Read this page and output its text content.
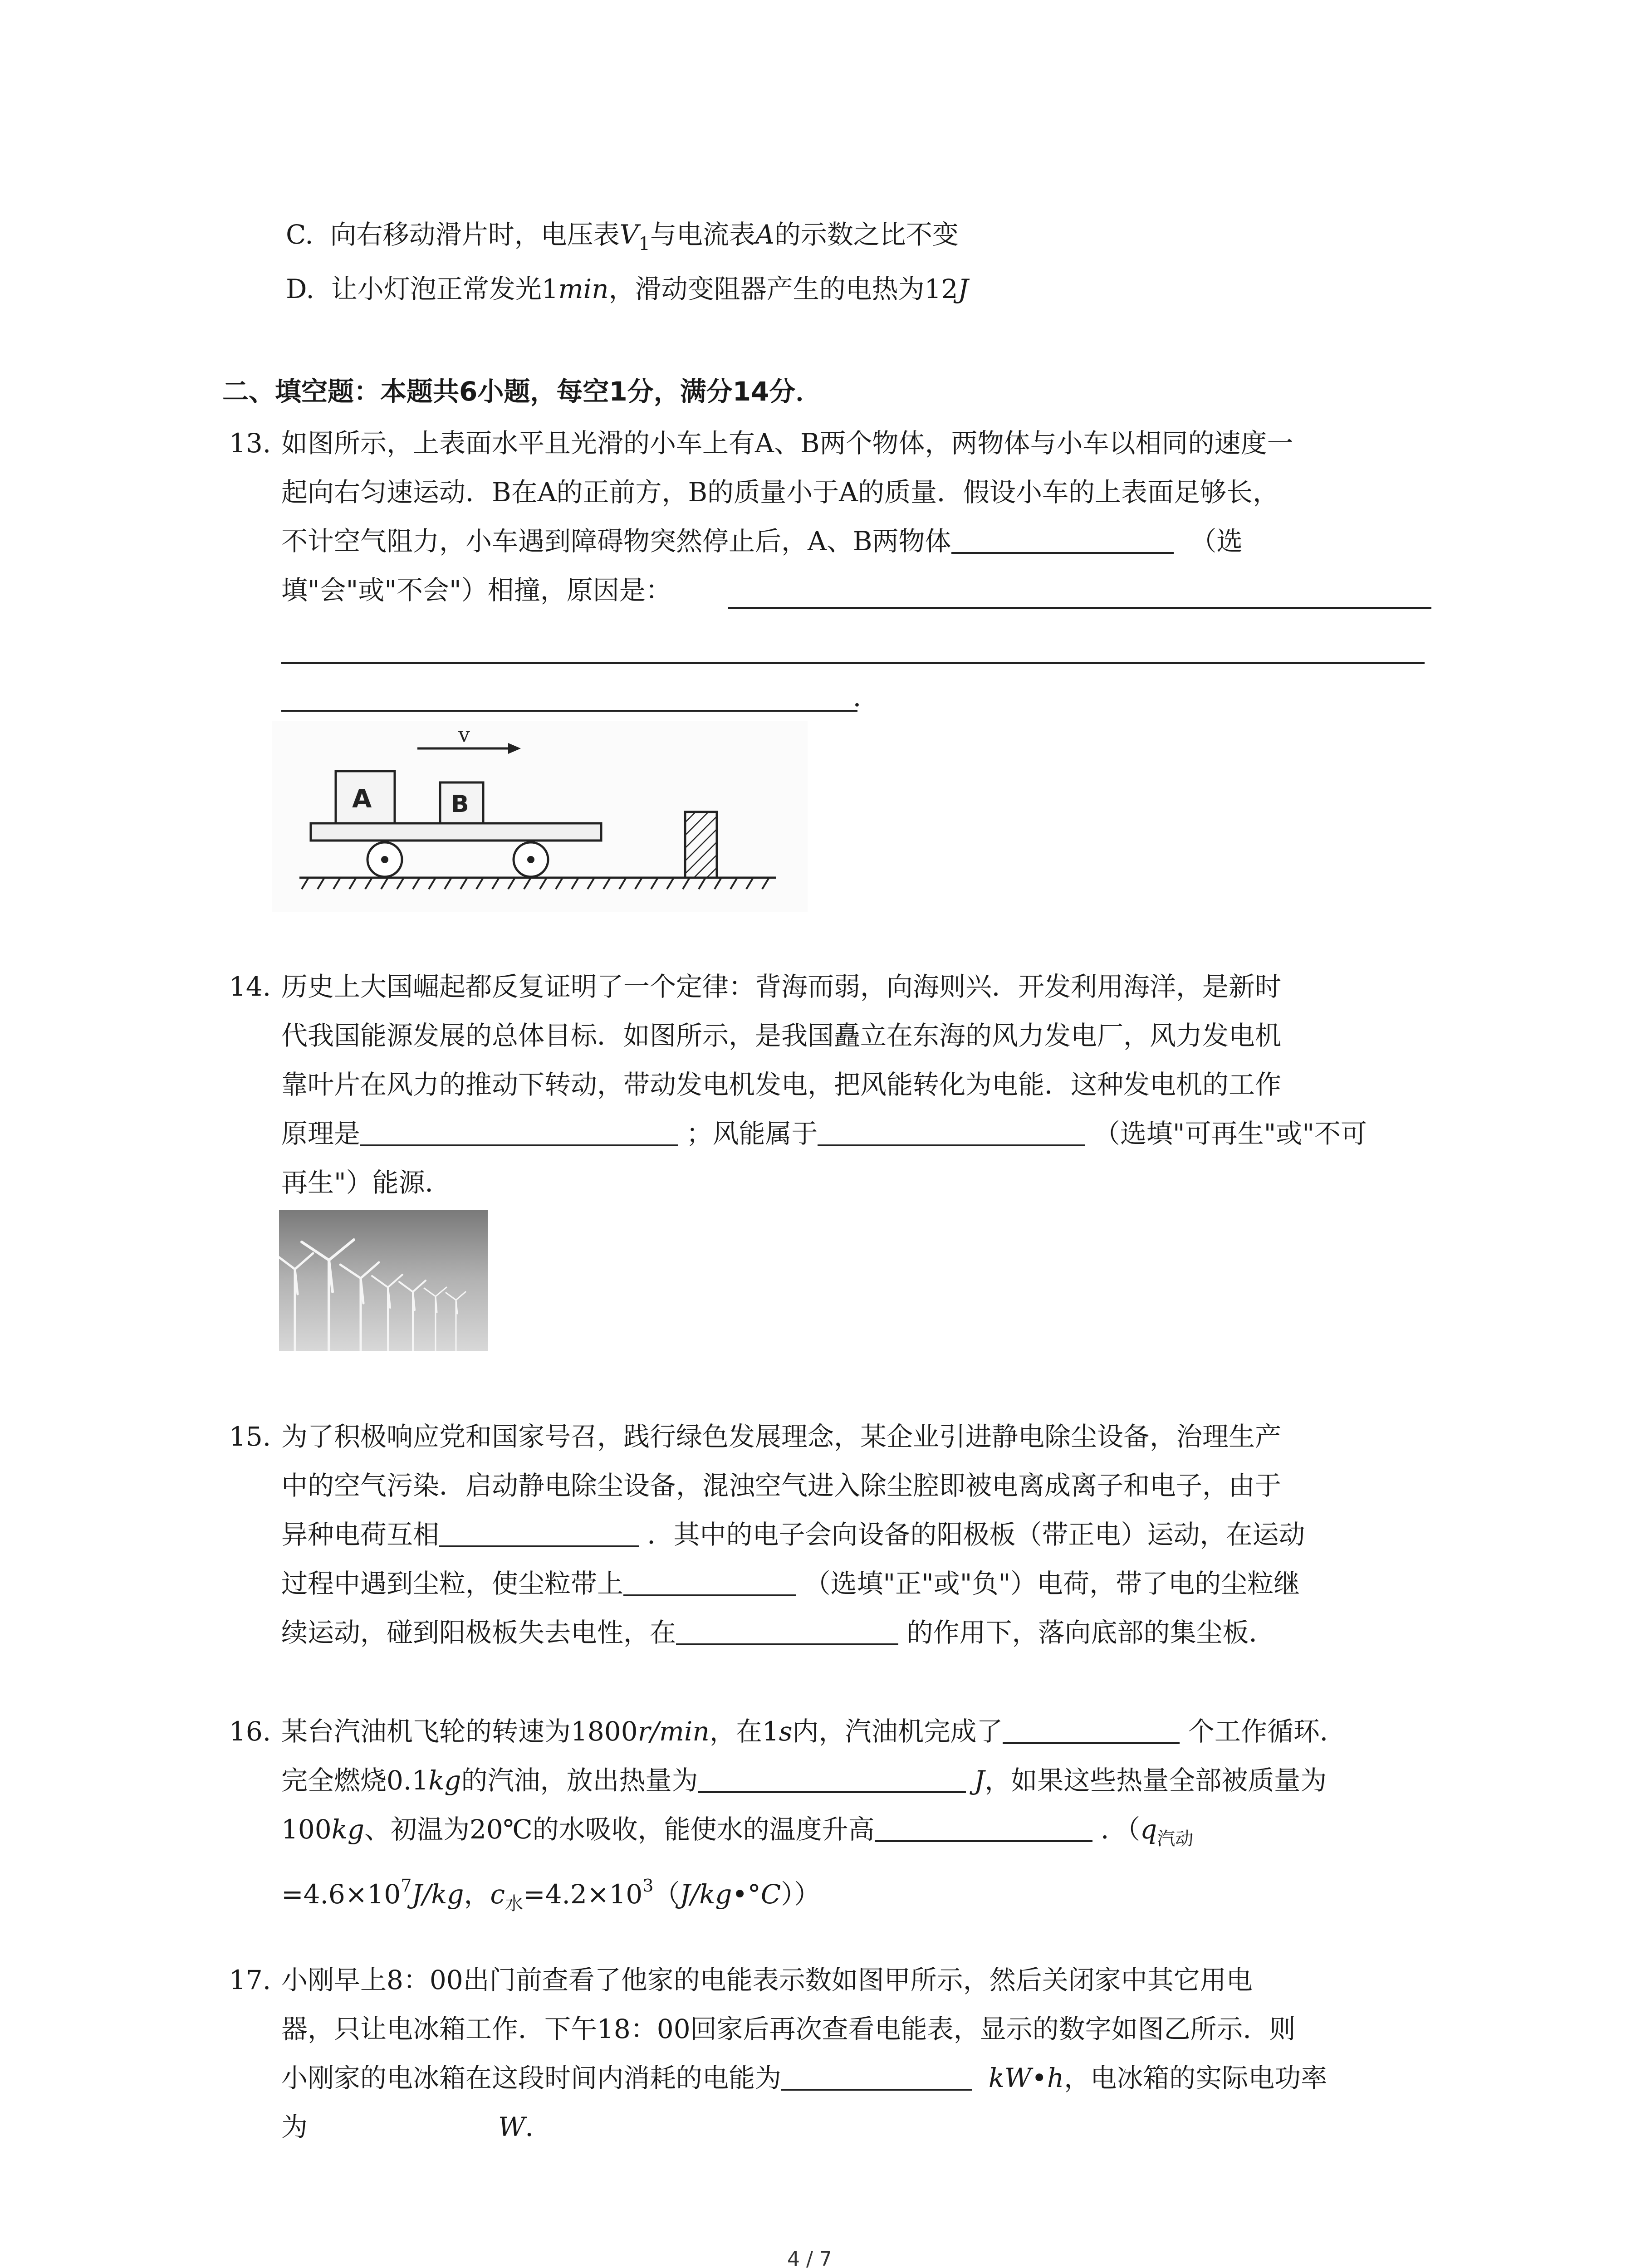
C. 向右移动滑片时，电压表$V_1$与电流表A的示数之比不变
D. 让小灯泡正常发光1min，滑动变阻器产生的电热为12J
二、填空题：本题共6小题，每空1分，满分14分．
13. 如图所示，上表面水平且光滑的小车上有A、B两个物体，两物体与小车以相同的速度一
起向右匀速运动．B在A的正前方，B的质量小于A的质量．假设小车的上表面足够长，
不计空气阻力，小车遇到障碍物突然停止后，A、B两物体	（选
填"会"或"不会"）相撞，原因是：
．
v
A	B
14. 历史上大国崛起都反复证明了一个定律：背海而弱，向海则兴．开发利用海洋，是新时
代我国能源发展的总体目标．如图所示，是我国矗立在东海的风力发电厂，风力发电机
靠叶片在风力的推动下转动，带动发电机发电，把风能转化为电能．这种发电机的工作
原理是	；风能属于	（选填"可再生"或"不可
再生"）能源．
15. 为了积极响应党和国家号召，践行绿色发展理念，某企业引进静电除尘设备，治理生产
中的空气污染．启动静电除尘设备，混浊空气进入除尘腔即被电离成离子和电子，由于
异种电荷互相	．其中的电子会向设备的阳极板（带正电）运动，在运动
过程中遇到尘粒，使尘粒带上	（选填"正"或"负"）电荷，带了电的尘粒继
续运动，碰到阳极板失去电性，在	的作用下，落向底部的集尘板．
16. 某台汽油机飞轮的转速为1800r/min，在1s内，汽油机完成了	个工作循环．
完全燃烧0.1kg的汽油，放出热量为	J，如果这些热量全部被质量为
100kg、初温为20℃的水吸收，能使水的温度升高	．（$q_{汽动}$
$=4.6\times 10^7J/kg$，$c_水=4.2\times 10^3(J/kg•^\circ C)$）
17. 小刚早上8：00出门前查看了他家的电能表示数如图甲所示，然后关闭家中其它用电
器，只让电冰箱工作．下午18：00回家后再次查看电能表，显示的数字如图乙所示．则
小刚家的电冰箱在这段时间内消耗的电能为	kW•h，电冰箱的实际电功率
为	W．
4 / 7
